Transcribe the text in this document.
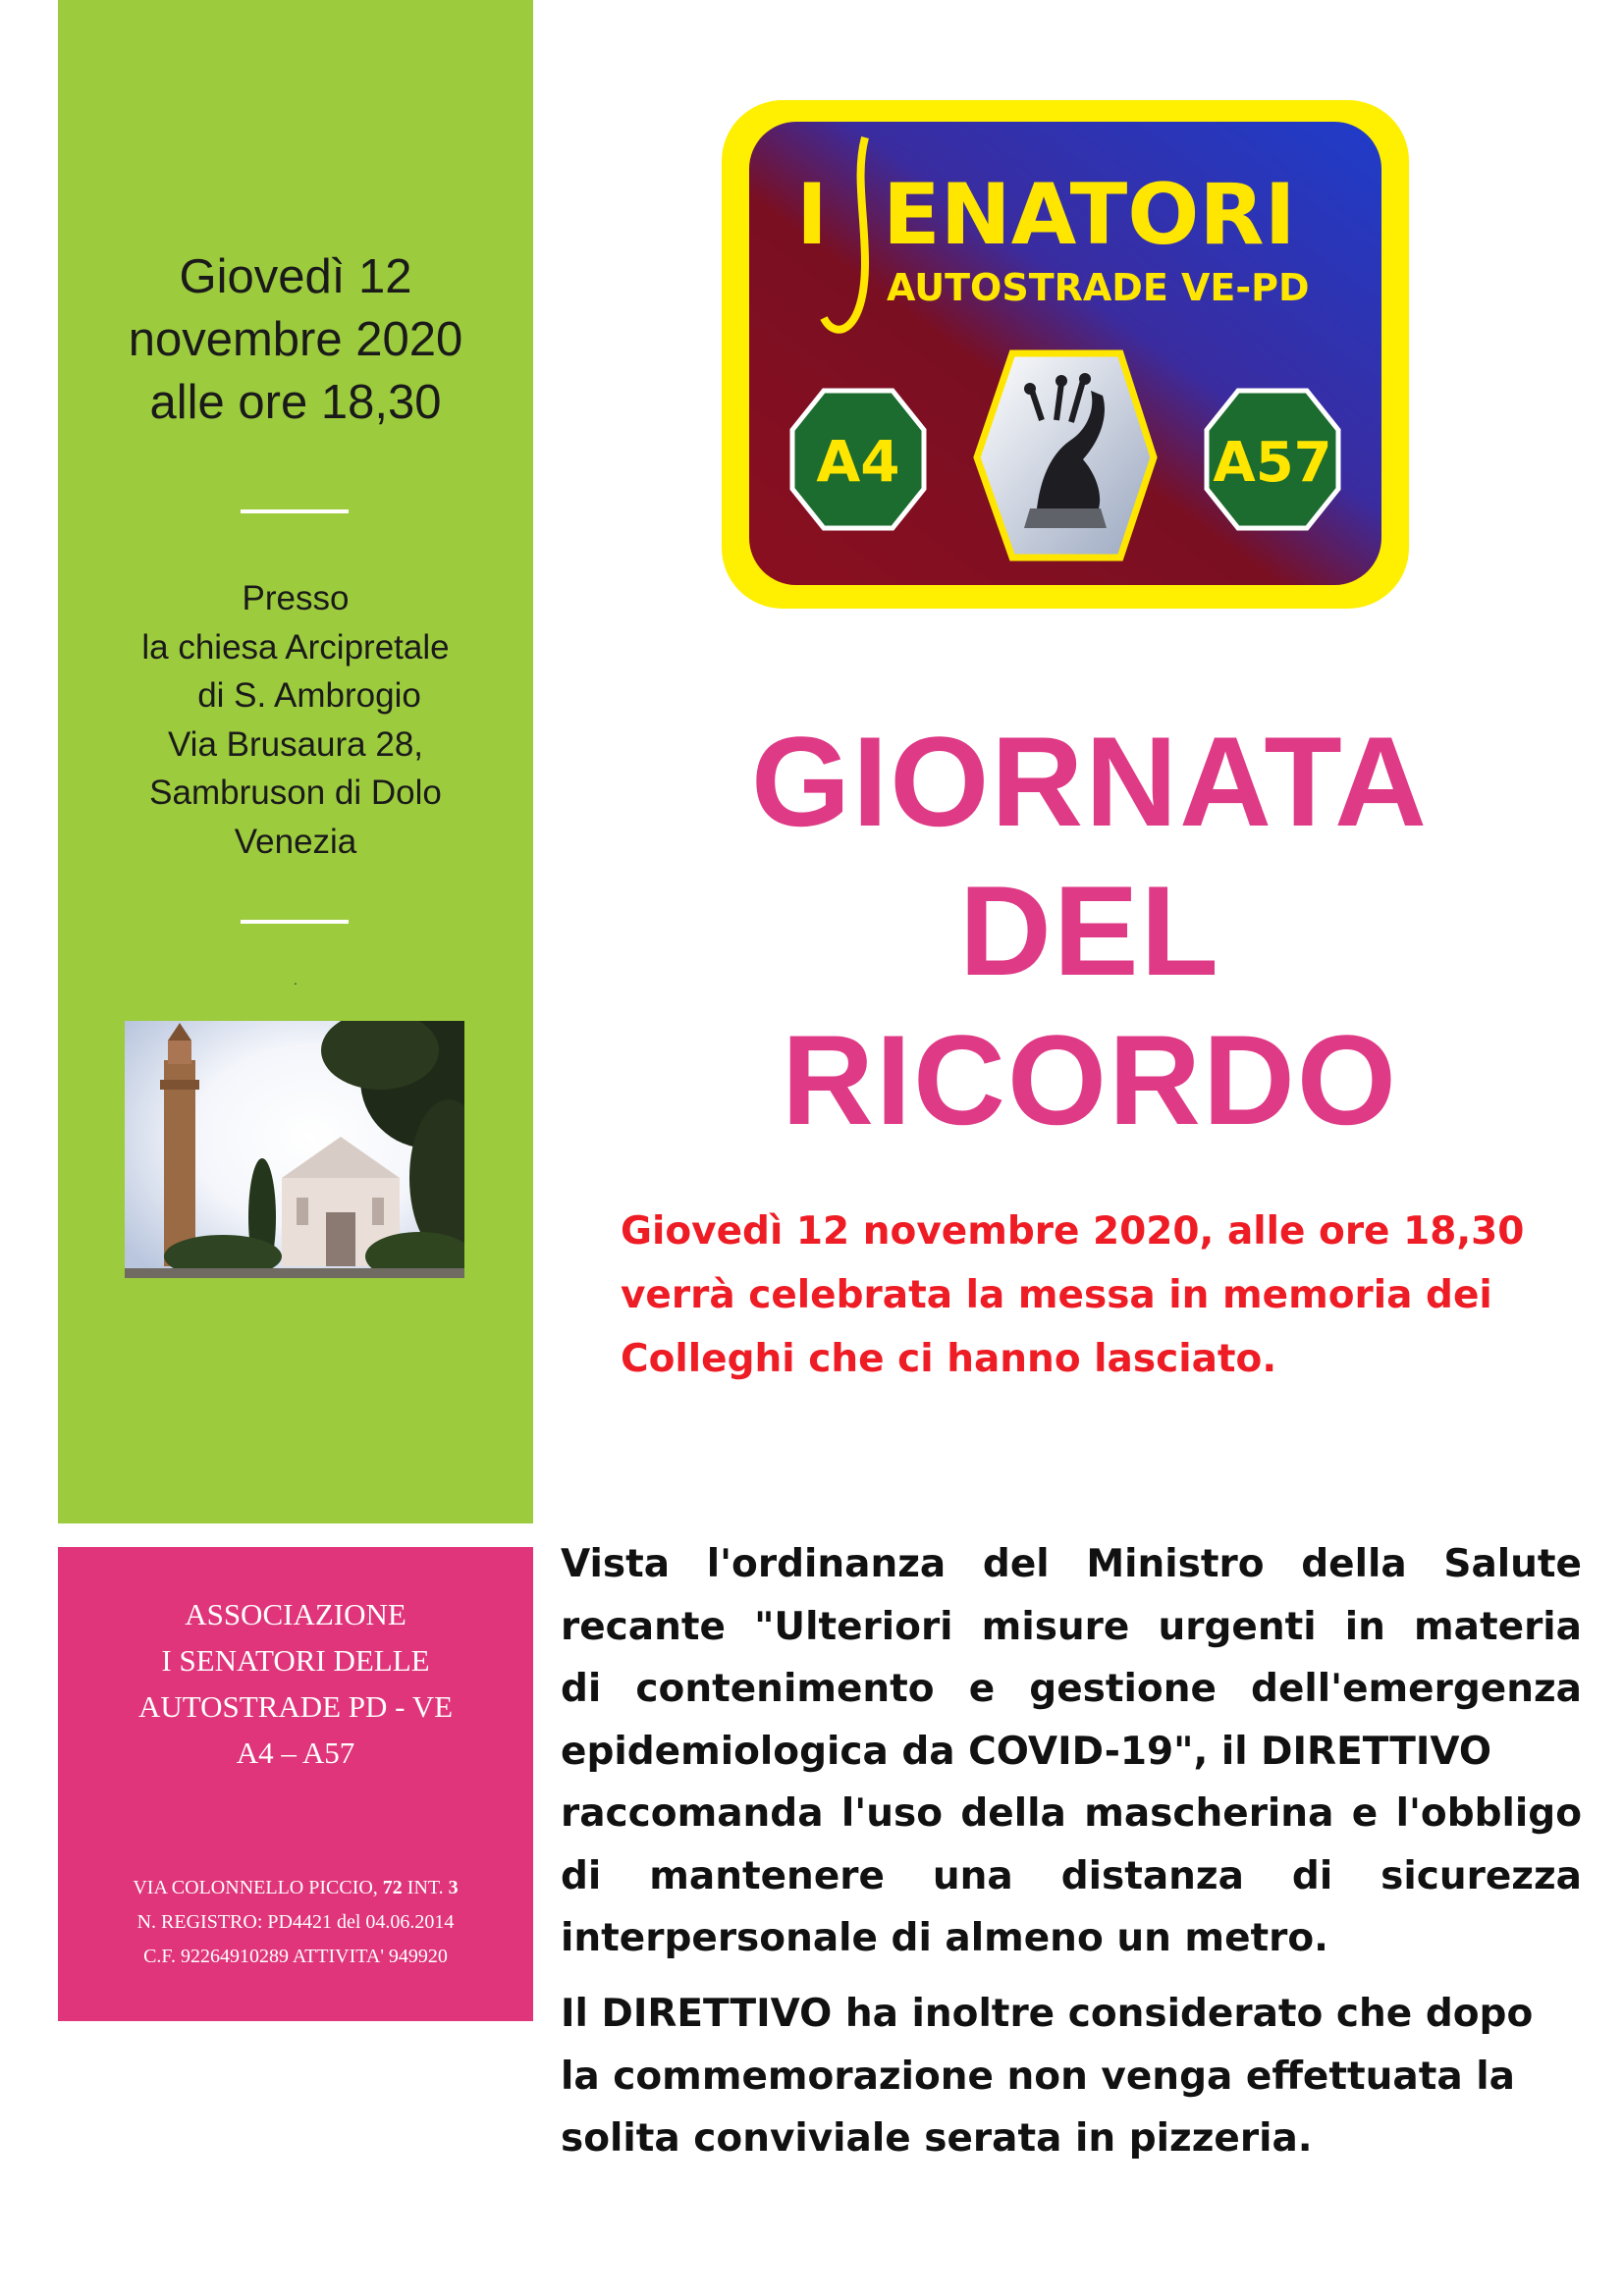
Giovedì 12
novembre 2020
alle ore 18,30
Presso
la chiesa Arcipretale
di S. Ambrogio
Via Brusaura 28,
Sambruson di Dolo
Venezia
.
ASSOCIAZIONE
I SENATORI DELLE
AUTOSTRADE PD - VE
A4 – A57
VIA COLONNELLO PICCIO, 72 INT. 3
N. REGISTRO: PD4421 del 04.06.2014
C.F. 92264910289 ATTIVITA' 949920
I ENATORI
AUTOSTRADE VE-PD
A4	A57
GIORNATA
DEL
RICORDO
Giovedì 12 novembre 2020, alle ore 18,30
verrà celebrata la messa in memoria dei
Colleghi che ci hanno lasciato.
Vista l'ordinanza del Ministro della Salute
recante "Ulteriori misure urgenti in materia
di contenimento e gestione dell'emergenza
epidemiologica da COVID-19", il DIRETTIVO
raccomanda l'uso della mascherina e l'obbligo
di mantenere una distanza di sicurezza
interpersonale di almeno un metro.
Il DIRETTIVO ha inoltre considerato che dopo
la commemorazione non venga effettuata la
solita conviviale serata in pizzeria.
